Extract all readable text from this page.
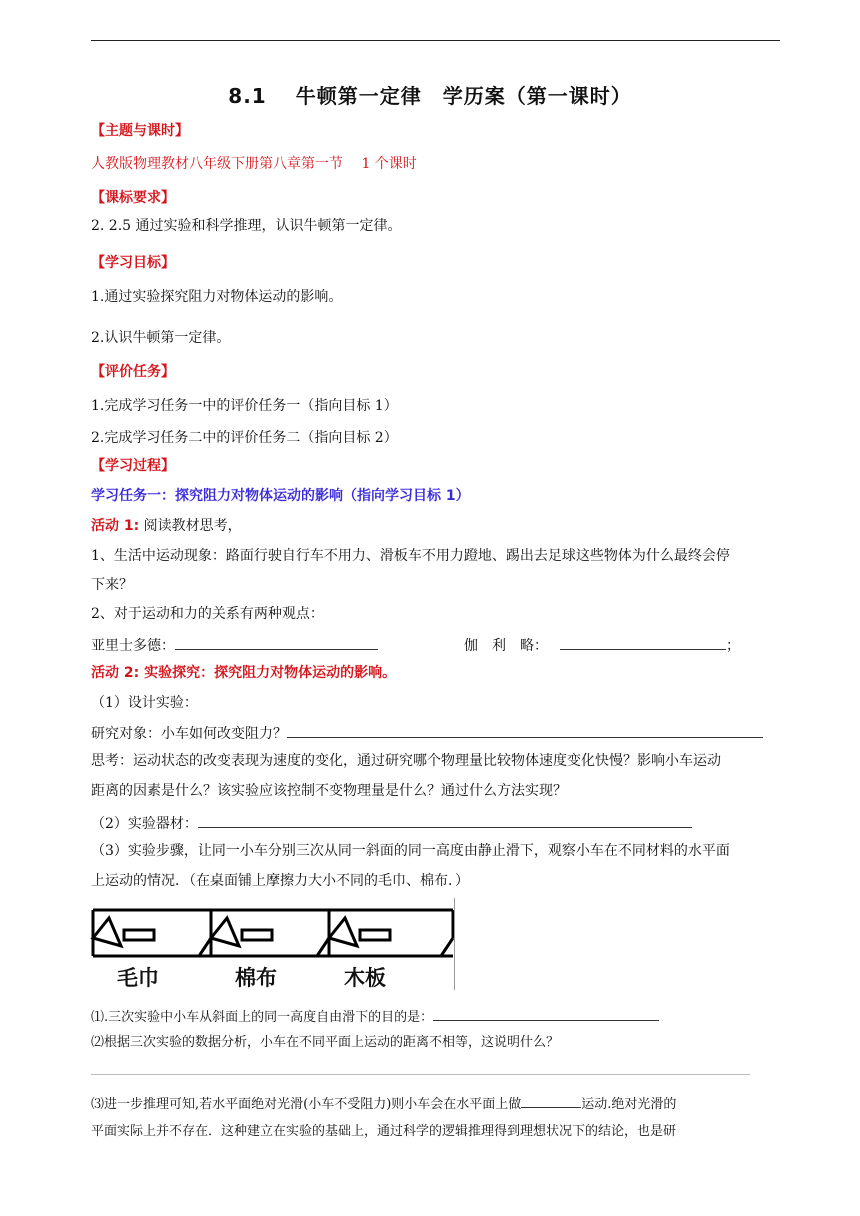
8.1　 牛顿第一定律　学历案（第一课时）
【主题与课时】
人教版物理教材八年级下册第八章第一节　 1 个课时
【课标要求】
2. 2.5 通过实验和科学推理，认识牛顿第一定律。
【学习目标】
1.通过实验探究阻力对物体运动的影响。
2.认识牛顿第一定律。
【评价任务】
1.完成学习任务一中的评价任务一（指向目标 1）
2.完成学习任务二中的评价任务二（指向目标 2）
【学习过程】
学习任务一：探究阻力对物体运动的影响（指向学习目标 1）
活动 1: 阅读教材思考，
1、生活中运动现象：路面行驶自行车不用力、滑板车不用力蹬地、踢出去足球这些物体为什么最终会停
下来？
2、对于运动和力的关系有两种观点：
亚里士多德：	伽　利　略：	；
活动 2: 实验探究：探究阻力对物体运动的影响。
（1）设计实验：
研究对象：小车如何改变阻力？
思考：运动状态的改变表现为速度的变化，通过研究哪个物理量比较物体速度变化快慢？影响小车运动
距离的因素是什么？该实验应该控制不变物理量是什么？通过什么方法实现？
（2）实验器材：
（3）实验步骤，让同一小车分别三次从同一斜面的同一高度由静止滑下，观察小车在不同材料的水平面
上运动的情况．（在桌面铺上摩擦力大小不同的毛巾、棉布．）
毛巾	棉布	木板
⑴.三次实验中小车从斜面上的同一高度自由滑下的目的是：
⑵根据三次实验的数据分析，小车在不同平面上运动的距离不相等，这说明什么？
⑶进一步推理可知,若水平面绝对光滑(小车不受阻力)则小车会在水平面上做	运动.绝对光滑的
平面实际上并不存在．这种建立在实验的基础上，通过科学的逻辑推理得到理想状况下的结论，也是研
